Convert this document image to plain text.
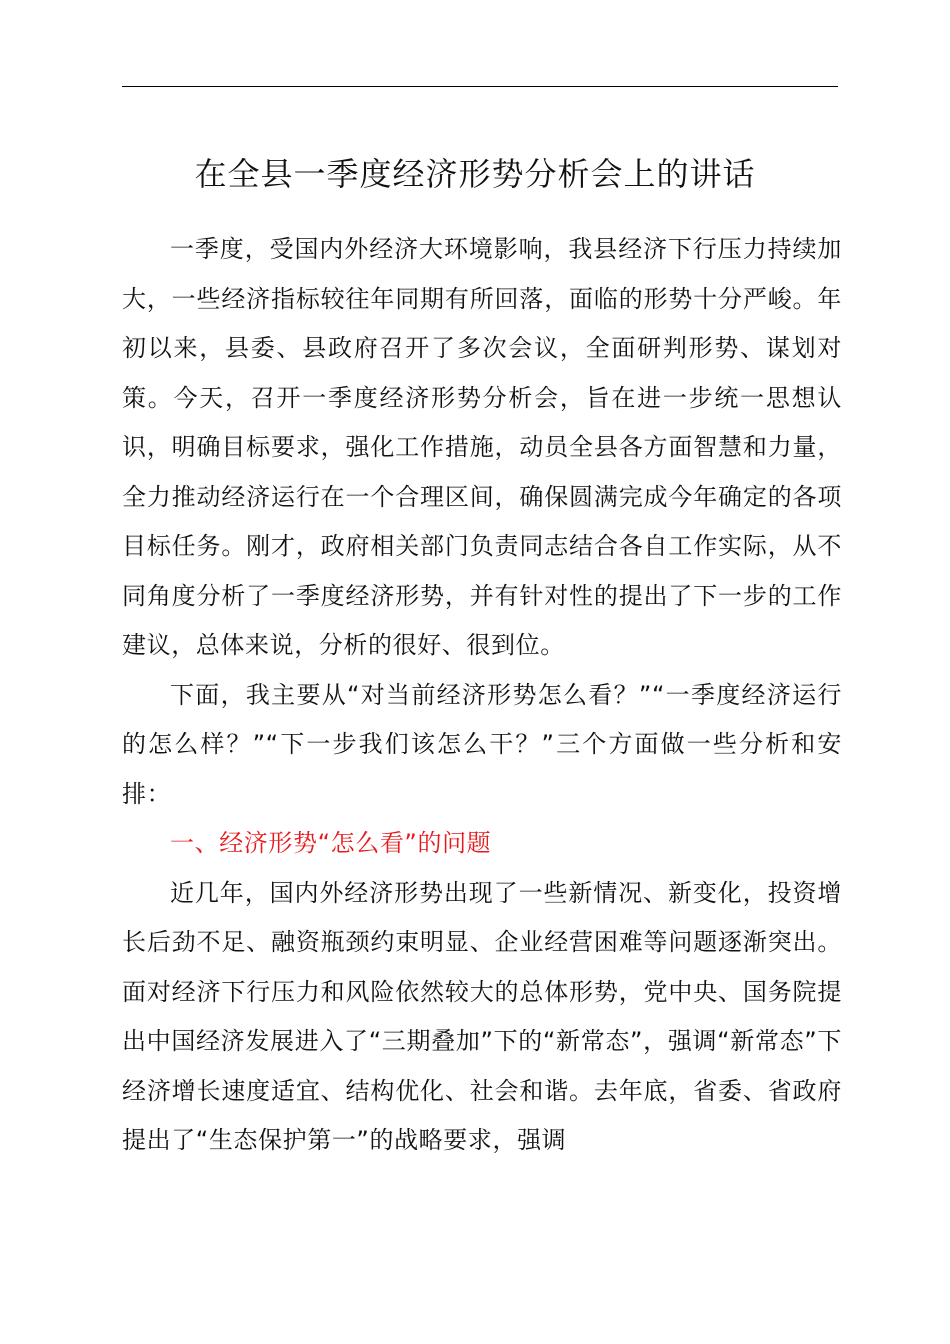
在全县一季度经济形势分析会上的讲话

一季度，受国内外经济大环境影响，我县经济下行压力持续加大，一些经济指标较往年同期有所回落，面临的形势十分严峻。年初以来，县委、县政府召开了多次会议，全面研判形势、谋划对策。今天，召开一季度经济形势分析会，旨在进一步统一思想认识，明确目标要求，强化工作措施，动员全县各方面智慧和力量，全力推动经济运行在一个合理区间，确保圆满完成今年确定的各项目标任务。刚才，政府相关部门负责同志结合各自工作实际，从不同角度分析了一季度经济形势，并有针对性的提出了下一步的工作建议，总体来说，分析的很好、很到位。

下面，我主要从“对当前经济形势怎么看？”“一季度经济运行的怎么样？”“下一步我们该怎么干？”三个方面做一些分析和安排：

一、经济形势“怎么看”的问题

近几年，国内外经济形势出现了一些新情况、新变化，投资增长后劲不足、融资瓶颈约束明显、企业经营困难等问题逐渐突出。面对经济下行压力和风险依然较大的总体形势，党中央、国务院提出中国经济发展进入了“三期叠加”下的“新常态”，强调“新常态”下经济增长速度适宜、结构优化、社会和谐。去年底，省委、省政府提出了“生态保护第一”的战略要求，强调
